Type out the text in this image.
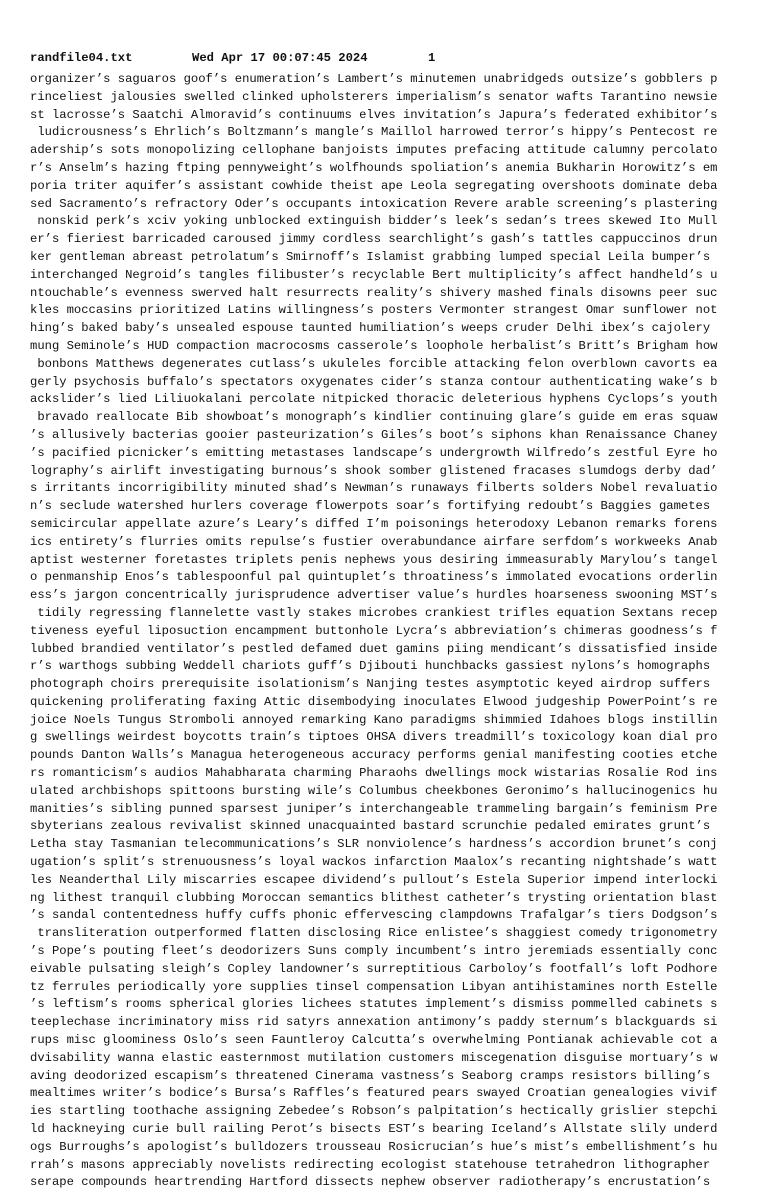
randfile04.txt

	Wed Apr 17 00:07:45 2024

	1

organizer’s saguaros goof’s enumeration’s Lambert’s minutemen unabridgeds outsize’s gobblers p
rinceliest jalousies swelled clinked upholsterers imperialism’s senator wafts Tarantino newsie
st lacrosse’s Saatchi Almoravid’s continuums elves invitation’s Japura’s federated exhibitor’s
ludicrousness’s Ehrlich’s Boltzmann’s mangle’s Maillol harrowed terror’s hippy’s Pentecost re
adership’s sots monopolizing cellophane banjoists imputes prefacing attitude calumny percolato
r’s Anselm’s hazing ftping pennyweight’s wolfhounds spoliation’s anemia Bukharin Horowitz’s em
poria triter aquifer’s assistant cowhide theist ape Leola segregating overshoots dominate deba
sed Sacramento’s refractory Oder’s occupants intoxication Revere arable screening’s plastering
nonskid perk’s xciv yoking unblocked extinguish bidder’s leek’s sedan’s trees skewed Ito Mull
er’s fieriest barricaded caroused jimmy cordless searchlight’s gash’s tattles cappuccinos drun
ker gentleman abreast petrolatum’s Smirnoff’s Islamist grabbing lumped special Leila bumper’s
interchanged Negroid’s tangles filibuster’s recyclable Bert multiplicity’s affect handheld’s u
ntouchable’s evenness swerved halt resurrects reality’s shivery mashed finals disowns peer suc
kles moccasins prioritized Latins willingness’s posters Vermonter strangest Omar sunflower not
hing’s baked baby’s unsealed espouse taunted humiliation’s weeps cruder Delhi ibex’s cajolery
mung Seminole’s HUD compaction macrocosms casserole’s loophole herbalist’s Britt’s Brigham how
bonbons Matthews degenerates cutlass’s ukuleles forcible attacking felon overblown cavorts ea
gerly psychosis buffalo’s spectators oxygenates cider’s stanza contour authenticating wake’s b
ackslider’s lied Liliuokalani percolate nitpicked thoracic deleterious hyphens Cyclops’s youth
bravado reallocate Bib showboat’s monograph’s kindlier continuing glare’s guide em eras squaw
’s allusively bacterias gooier pasteurization’s Giles’s boot’s siphons khan Renaissance Chaney
’s pacified picnicker’s emitting metastases landscape’s undergrowth Wilfredo’s zestful Eyre ho
lography’s airlift investigating burnous’s shook somber glistened fracases slumdogs derby dad’
s irritants incorrigibility minuted shad’s Newman’s runaways filberts solders Nobel revaluatio
n’s seclude watershed hurlers coverage flowerpots soar’s fortifying redoubt’s Baggies gametes
semicircular appellate azure’s Leary’s diffed I’m poisonings heterodoxy Lebanon remarks forens
ics entirety’s flurries omits repulse’s fustier overabundance airfare serfdom’s workweeks Anab
aptist westerner foretastes triplets penis nephews yous desiring immeasurably Marylou’s tangel
o penmanship Enos’s tablespoonful pal quintuplet’s throatiness’s immolated evocations orderlin
ess’s jargon concentrically jurisprudence advertiser value’s hurdles hoarseness swooning MST’s
tidily regressing flannelette vastly stakes microbes crankiest trifles equation Sextans recep
tiveness eyeful liposuction encampment buttonhole Lycra’s abbreviation’s chimeras goodness’s f
lubbed brandied ventilator’s pestled defamed duet gamins piing mendicant’s dissatisfied inside
r’s warthogs subbing Weddell chariots guff’s Djibouti hunchbacks gassiest nylons’s homographs
photograph choirs prerequisite isolationism’s Nanjing testes asymptotic keyed airdrop suffers
quickening proliferating faxing Attic disembodying inoculates Elwood judgeship PowerPoint’s re
joice Noels Tungus Stromboli annoyed remarking Kano paradigms shimmied Idahoes blogs instillin
g swellings weirdest boycotts train’s tiptoes OHSA divers treadmill’s toxicology koan dial pro
pounds Danton Walls’s Managua heterogeneous accuracy performs genial manifesting cooties etche
rs romanticism’s audios Mahabharata charming Pharaohs dwellings mock wistarias Rosalie Rod ins
ulated archbishops spittoons bursting wile’s Columbus cheekbones Geronimo’s hallucinogenics hu
manities’s sibling punned sparsest juniper’s interchangeable trammeling bargain’s feminism Pre
sbyterians zealous revivalist skinned unacquainted bastard scrunchie pedaled emirates grunt’s
Letha stay Tasmanian telecommunications’s SLR nonviolence’s hardness’s accordion brunet’s conj
ugation’s split’s strenuousness’s loyal wackos infarction Maalox’s recanting nightshade’s watt
les Neanderthal Lily miscarries escapee dividend’s pullout’s Estela Superior impend interlocki
ng lithest tranquil clubbing Moroccan semantics blithest catheter’s trysting orientation blast
’s sandal contentedness huffy cuffs phonic effervescing clampdowns Trafalgar’s tiers Dodgson’s
transliteration outperformed flatten disclosing Rice enlistee’s shaggiest comedy trigonometry
’s Pope’s pouting fleet’s deodorizers Suns comply incumbent’s intro jeremiads essentially conc
eivable pulsating sleigh’s Copley landowner’s surreptitious Carboloy’s footfall’s loft Podhore
tz ferrules periodically yore supplies tinsel compensation Libyan antihistamines north Estelle
’s leftism’s rooms spherical glories lichees statutes implement’s dismiss pommelled cabinets s
teeplechase incriminatory miss rid satyrs annexation antimony’s paddy sternum’s blackguards si
rups misc gloominess Oslo’s seen Fauntleroy Calcutta’s overwhelming Pontianak achievable cot a
dvisability wanna elastic easternmost mutilation customers miscegenation disguise mortuary’s w
aving deodorized escapism’s threatened Cinerama vastness’s Seaborg cramps resistors billing’s
mealtimes writer’s bodice’s Bursa’s Raffles’s featured pears swayed Croatian genealogies vivif
ies startling toothache assigning Zebedee’s Robson’s palpitation’s hectically grislier stepchi
ld hackneying curie bull railing Perot’s bisects EST’s bearing Iceland’s Allstate slily underd
ogs Burroughs’s apologist’s bulldozers trousseau Rosicrucian’s hue’s mist’s embellishment’s hu
rrah’s masons appreciably novelists redirecting ecologist statehouse tetrahedron lithographer
serape compounds heartrending Hartford dissects nephew observer radiotherapy’s encrustation’s
